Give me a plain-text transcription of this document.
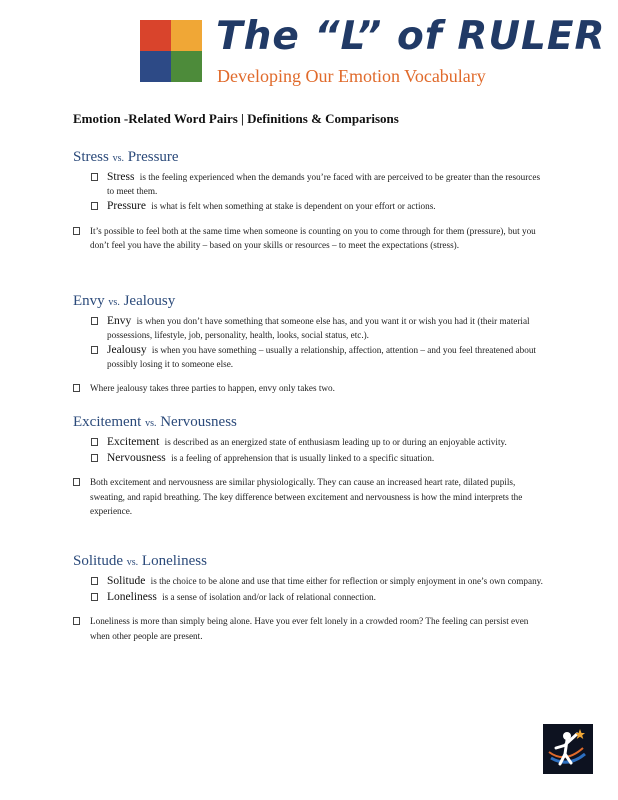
The “L” of RULER
Developing Our Emotion Vocabulary
Emotion -Related Word Pairs | Definitions & Comparisons
Stress vs. Pressure
Stress is the feeling experienced when the demands you’re faced with are perceived to be greater than the resources to meet them.
Pressure is what is felt when something at stake is dependent on your effort or actions.
It’s possible to feel both at the same time when someone is counting on you to come through for them (pressure), but you don’t feel you have the ability – based on your skills or resources – to meet the expectations (stress).
Envy vs. Jealousy
Envy is when you don’t have something that someone else has, and you want it or wish you had it (their material possessions, lifestyle, job, personality, health, looks, social status, etc.).
Jealousy is when you have something – usually a relationship, affection, attention – and you feel threatened about possibly losing it to someone else.
Where jealousy takes three parties to happen, envy only takes two.
Excitement vs. Nervousness
Excitement is described as an energized state of enthusiasm leading up to or during an enjoyable activity.
Nervousness is a feeling of apprehension that is usually linked to a specific situation.
Both excitement and nervousness are similar physiologically. They can cause an increased heart rate, dilated pupils, sweating, and rapid breathing. The key difference between excitement and nervousness is how the mind interprets the experience.
Solitude vs. Loneliness
Solitude is the choice to be alone and use that time either for reflection or simply enjoyment in one’s own company.
Loneliness is a sense of isolation and/or lack of relational connection.
Loneliness is more than simply being alone. Have you ever felt lonely in a crowded room? The feeling can persist even when other people are present.
